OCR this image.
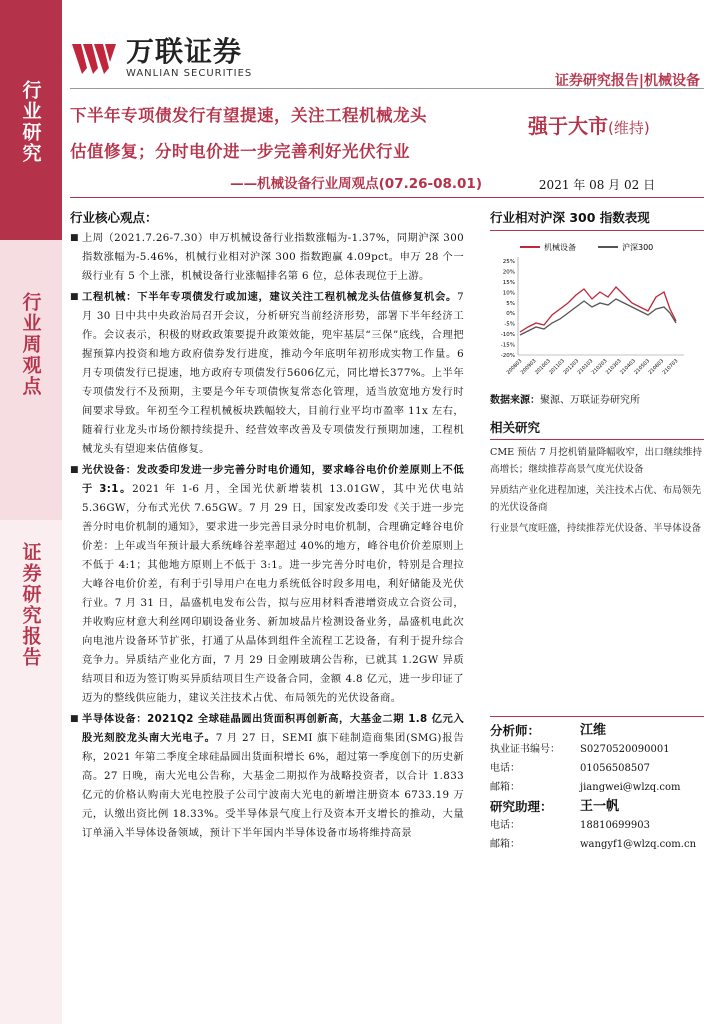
行业研究
行业周观点
证券研究报告
万联证券
WANLIAN SECURITIES	证券研究报告|机械设备
下半年专项债发行有望提速，关注工程机械龙头
估值修复；分时电价进一步完善利好光伏行业
——机械设备行业周观点(07.26-08.01)
强于大市(维持)
2021 年 08 月 02 日
行业核心观点：
■ 上周（2021.7.26-7.30）申万机械设备行业指数涨幅为-1.37%，同期沪深 300 指数涨幅为-5.46%，机械行业相对沪深 300 指数跑赢 4.09pct。申万 28 个一级行业有 5 个上涨，机械设备行业涨幅排名第 6 位，总体表现位于上游。
■ 工程机械：下半年专项债发行或加速，建议关注工程机械龙头估值修复机会。7 月 30 日中共中央政治局召开会议，分析研究当前经济形势，部署下半年经济工作。会议表示，积极的财政政策要提升政策效能，兜牢基层“三保”底线，合理把握预算内投资和地方政府债券发行进度，推动今年底明年初形成实物工作量。6 月专项债发行已提速，地方政府专项债发行5606亿元，同比增长377%。上半年专项债发行不及预期，主要是今年专项债恢复常态化管理，适当放宽地方发行时间要求导致。年初至今工程机械板块跌幅较大，目前行业平均市盈率 11x 左右，随着行业龙头市场份额持续提升、经营效率改善及专项债发行预期加速，工程机械龙头有望迎来估值修复。
■ 光伏设备：发改委印发进一步完善分时电价通知，要求峰谷电价价差原则上不低于 3:1。2021 年 1-6 月，全国光伏新增装机 13.01GW，其中光伏电站 5.36GW，分布式光伏 7.65GW。7 月 29 日，国家发改委印发《关于进一步完善分时电价机制的通知》，要求进一步完善目录分时电价机制，合理确定峰谷电价价差：上年或当年预计最大系统峰谷差率超过 40%的地方，峰谷电价价差原则上不低于 4:1；其他地方原则上不低于 3:1。进一步完善分时电价，特别是合理拉大峰谷电价价差，有利于引导用户在电力系统低谷时段多用电，利好储能及光伏行业。7 月 31 日，晶盛机电发布公告，拟与应用材料香港增资成立合资公司，并收购应材意大利丝网印刷设备业务、新加坡晶片检测设备业务，晶盛机电此次向电池片设备环节扩张，打通了从晶体到组件全流程工艺设备，有利于提升综合竞争力。异质结产业化方面，7 月 29 日金刚玻璃公告称，已就其 1.2GW 异质结项目和迈为签订购买异质结项目生产设备合同，金额 4.8 亿元，进一步印证了迈为的整线供应能力，建议关注技术占优、布局领先的光伏设备商。
■ 半导体设备：2021Q2 全球硅晶圆出货面积再创新高，大基金二期 1.8 亿元入股光刻胶龙头南大光电子。7 月 27 日，SEMI 旗下硅制造商集团(SMG)报告称，2021 年第二季度全球硅晶圆出货面积增长 6%，超过第一季度创下的历史新高。27 日晚，南大光电公告称，大基金二期拟作为战略投资者，以合计 1.833 亿元的价格认购南大光电控股子公司宁波南大光电的新增注册资本 6733.19 万元，认缴出资比例 18.33%。受半导体景气度上行及资本开支增长的推动，大量订单涌入半导体设备领域，预计下半年国内半导体设备市场将维持高景
行业相对沪深 300 指数表现
机械设备	沪深300
25%
20%
15%
10%
5%
0%
-5%
-10%
-15%
-20%
200803
200903
201003
201103
201203
210103
210203
210303
210403
210503
210603
210703
数据来源：聚源、万联证券研究所
相关研究
CME 预估 7 月挖机销量降幅收窄，出口继续维持高增长；继续推荐高景气度光伏设备
异质结产业化进程加速，关注技术占优、布局领先的光伏设备商
行业景气度旺盛，持续推荐光伏设备、半导体设备
分析师：	江维
执业证书编号：	S0270520090001
电话：	01056508507
邮箱：	jiangwei@wlzq.com
研究助理：	王一帆
电话：	18810699903
邮箱：	wangyf1@wlzq.com.cn
